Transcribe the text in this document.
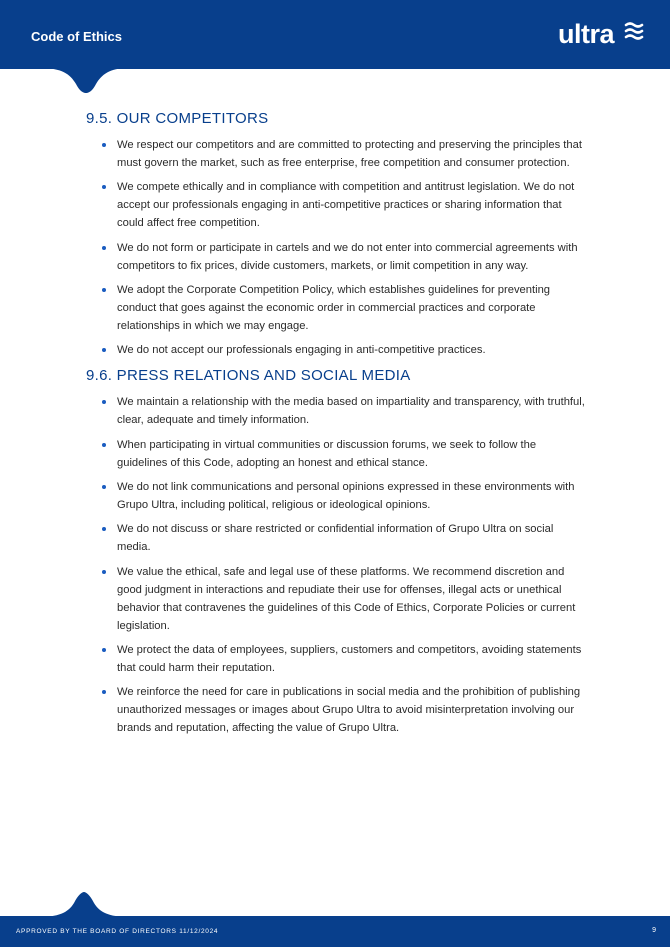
Code of Ethics	ultra
9.5. OUR COMPETITORS
We respect our competitors and are committed to protecting and preserving the principles that must govern the market, such as free enterprise, free competition and consumer protection.
We compete ethically and in compliance with competition and antitrust legislation. We do not accept our professionals engaging in anti-competitive practices or sharing information that could affect free competition.
We do not form or participate in cartels and we do not enter into commercial agreements with competitors to fix prices, divide customers, markets, or limit competition in any way.
We adopt the Corporate Competition Policy, which establishes guidelines for preventing conduct that goes against the economic order in commercial practices and corporate relationships in which we may engage.
We do not accept our professionals engaging in anti-competitive practices.
9.6. PRESS RELATIONS AND SOCIAL MEDIA
We maintain a relationship with the media based on impartiality and transparency, with truthful, clear, adequate and timely information.
When participating in virtual communities or discussion forums, we seek to follow the guidelines of this Code, adopting an honest and ethical stance.
We do not link communications and personal opinions expressed in these environments with Grupo Ultra, including political, religious or ideological opinions.
We do not discuss or share restricted or confidential information of Grupo Ultra on social media.
We value the ethical, safe and legal use of these platforms. We recommend discretion and good judgment in interactions and repudiate their use for offenses, illegal acts or unethical behavior that contravenes the guidelines of this Code of Ethics, Corporate Policies or current legislation.
We protect the data of employees, suppliers, customers and competitors, avoiding statements that could harm their reputation.
We reinforce the need for care in publications in social media and the prohibition of publishing unauthorized messages or images about Grupo Ultra to avoid misinterpretation involving our brands and reputation, affecting the value of Grupo Ultra.
APPROVED BY THE BOARD OF DIRECTORS 11/12/2024	9
